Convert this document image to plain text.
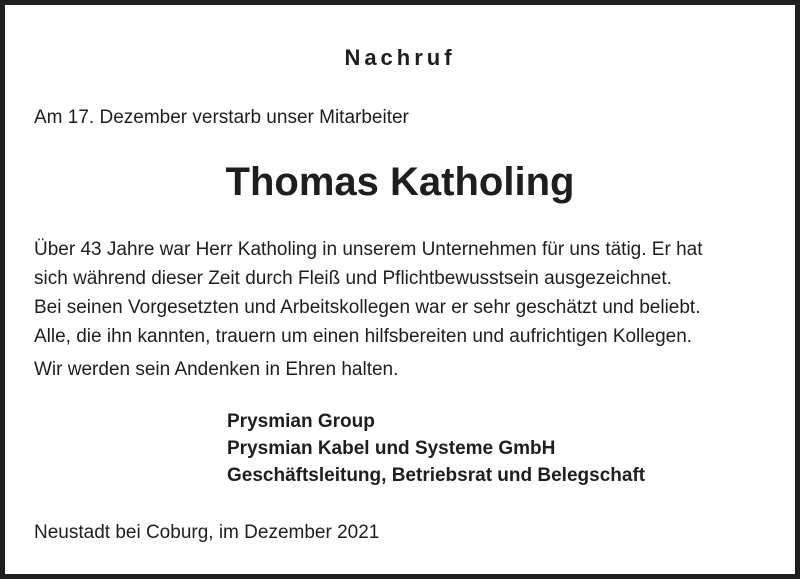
Nachruf
Am 17. Dezember verstarb unser Mitarbeiter
Thomas Katholing

Über 43 Jahre war Herr Katholing in unserem Unternehmen für uns tätig. Er hat
sich während dieser Zeit durch Fleiß und Pflichtbewusstsein ausgezeichnet.

Bei seinen Vorgesetzten und Arbeitskollegen war er sehr geschätzt und beliebt.
Alle, die ihn kannten, trauern um einen hilfsbereiten und aufrichtigen Kollegen.

Wir werden sein Andenken in Ehren halten.

Prysmian Group
Prysmian Kabel und Systeme GmbH
Geschäftsleitung, Betriebsrat und Belegschaft
Neustadt bei Coburg, im Dezember 2021
